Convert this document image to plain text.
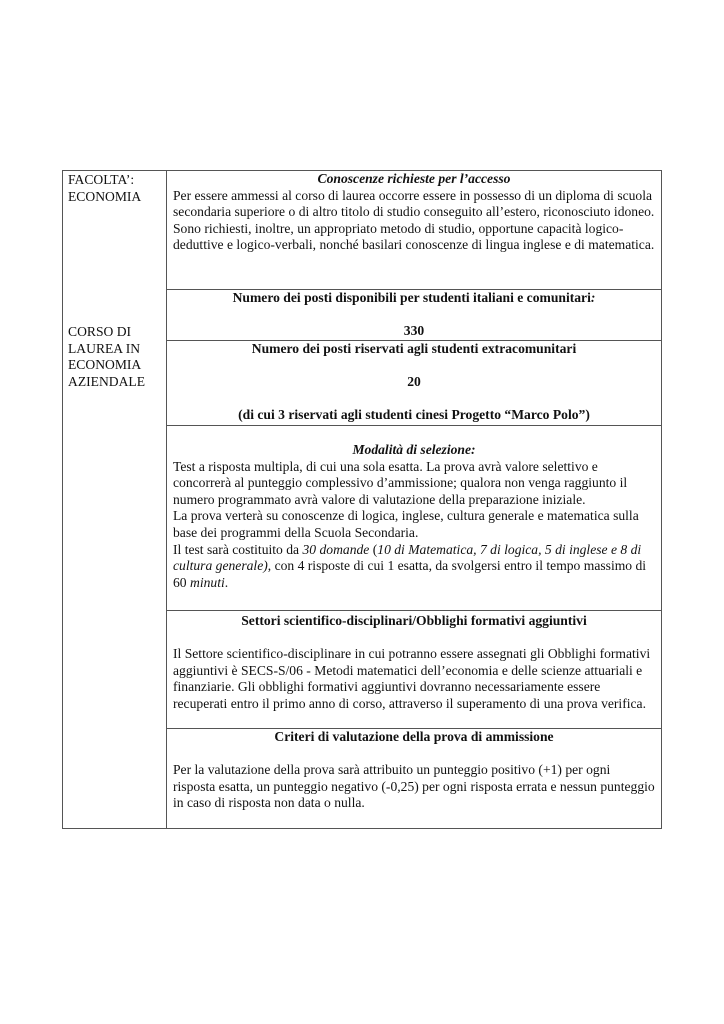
FACOLTA’:

ECONOMIA

CORSO DI

LAUREA IN

ECONOMIA

AZIENDALE

Conoscenze richieste per l’accesso

Per essere ammessi al corso di laurea occorre essere in possesso di un diploma di scuola secondaria superiore o di altro titolo di studio conseguito all’estero, riconosciuto idoneo.

Sono richiesti, inoltre, un appropriato metodo di studio, opportune capacità logico-deduttive e logico-verbali, nonché basilari conoscenze di lingua inglese e di matematica.

Numero dei posti disponibili per studenti italiani e comunitari:

330

Numero dei posti riservati agli studenti extracomunitari

20

(di cui 3 riservati agli studenti cinesi Progetto “Marco Polo”)

Modalità di selezione:

Test a risposta multipla, di cui una sola esatta. La prova avrà valore selettivo e concorrerà al punteggio complessivo d’ammissione; qualora non venga raggiunto il numero programmato avrà valore di valutazione della preparazione iniziale.

La prova verterà su conoscenze di logica, inglese, cultura generale e matematica sulla base dei programmi della Scuola Secondaria.

Il test sarà costituito da 30 domande (10 di Matematica, 7 di logica, 5 di inglese e 8 di cultura generale), con 4 risposte di cui 1 esatta, da svolgersi entro il tempo massimo di 60 minuti.

Settori scientifico-disciplinari/Obblighi formativi aggiuntivi

Il Settore scientifico-disciplinare in cui potranno essere assegnati gli Obblighi formativi aggiuntivi è SECS-S/06 - Metodi matematici dell’economia e delle scienze attuariali e finanziarie. Gli obblighi formativi aggiuntivi dovranno necessariamente essere recuperati entro il primo anno di corso, attraverso il superamento di una prova verifica.

Criteri di valutazione della prova di ammissione

Per la valutazione della prova sarà attribuito un punteggio positivo (+1) per ogni risposta esatta, un punteggio negativo (-0,25) per ogni risposta errata e nessun punteggio in caso di risposta non data o nulla.
